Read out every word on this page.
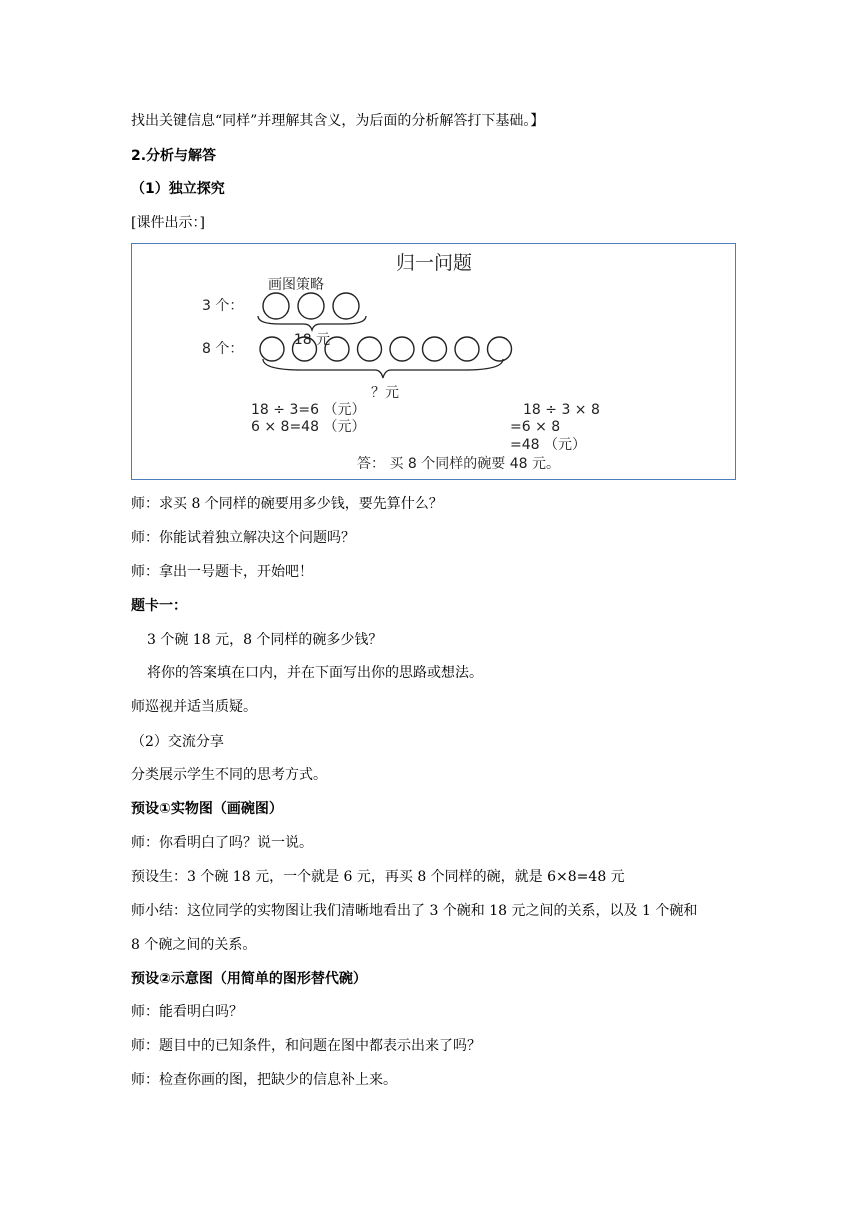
找出关键信息“同样”并理解其含义，为后面的分析解答打下基础。】
2.分析与解答
（1）独立探究
[课件出示：]
归一问题
画图策略
3 个：
18 元
8 个：
？元
18 ÷ 3=6 （元）
6 × 8=48 （元）
18 ÷ 3 × 8
=6 × 8
=48 （元）
答： 买 8 个同样的碗要 48 元。
师：求买 8 个同样的碗要用多少钱，要先算什么？
师：你能试着独立解决这个问题吗？
师：拿出一号题卡，开始吧！
题卡一：
3 个碗 18 元，8 个同样的碗多少钱？
将你的答案填在口内，并在下面写出你的思路或想法。
师巡视并适当质疑。
（2）交流分享
分类展示学生不同的思考方式。
预设①实物图（画碗图）
师：你看明白了吗？说一说。
预设生：3 个碗 18 元，一个就是 6 元，再买 8 个同样的碗，就是 6×8=48 元
师小结：这位同学的实物图让我们清晰地看出了 3 个碗和 18 元之间的关系，以及 1 个碗和
8 个碗之间的关系。
预设②示意图（用简单的图形替代碗）
师：能看明白吗？
师：题目中的已知条件，和问题在图中都表示出来了吗？
师：检查你画的图，把缺少的信息补上来。
